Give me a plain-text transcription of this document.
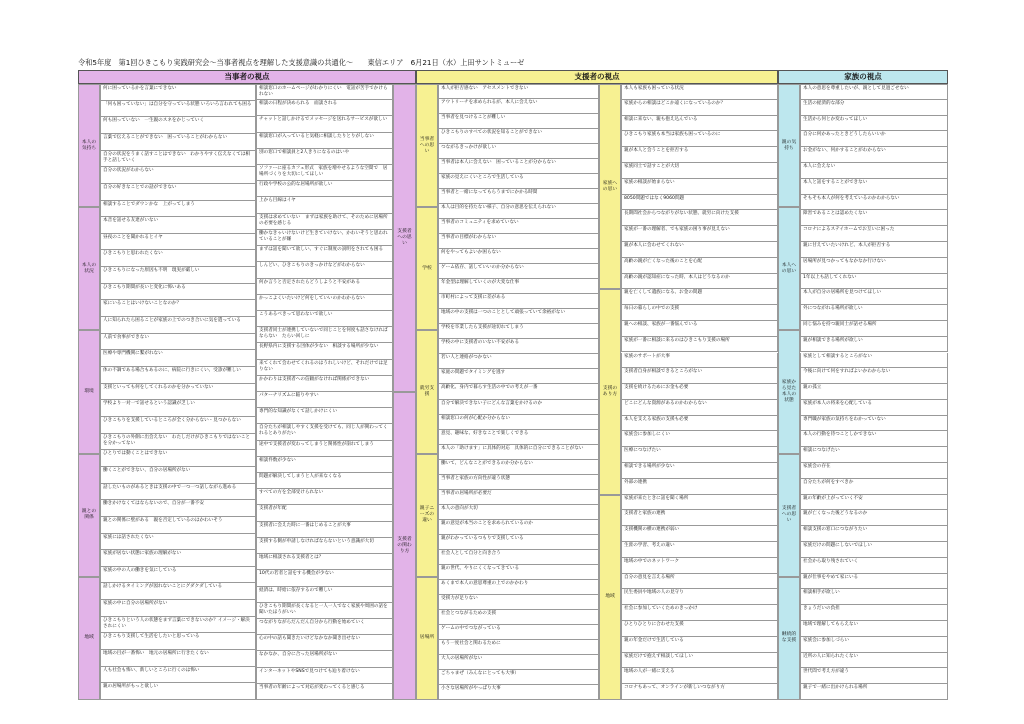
令和5年度　第1回ひきこもり実践研究会～当事者視点を理解した支援意識の共通化～　　東信エリア　6月21日（水）上田サントミューゼ
当事者の視点	支援者の視点	家族の視点
本人の気持ち
本人の状況
環境
親との関係
地域
何に困っているかを言葉にできない
「何も困っていない」は自分を守っている状態 いろいろ言われても困る
何も困っていない　一生親のスネをかじっていく
言葉で伝えることができない　困っていることがわからない
自分の状況をうまく話すことはできない　わかりやすく伝えなくては相手と話していく
自分の状況がわからない
自分の好きなことでの話ができない
相談することでダウンかな　上がってしまう
本音を話せる友達がいない
昼夜のことを聞かれるとイヤ
ひきこもりと思われたくない
ひきこもりになった原因も不明　現実が厳しい
ひきこもり期間が長いと変化に怖いある
家にいることはいけないことなのか？
人に知られたら困ることが家族の上でのつき合いに気を遣っている
人前で食事ができない
医療や専門機関に繋がれない
体の不調である場合もあるのに、病院に行きにくい、受診が難しい
支援といっても何をしてくれるのかを分かっていない
学校より一対一で話せるという認識が乏しい
ひきこもりを支援しているところが全く分からない・見つからない
ひきこもりの外側に出会えない　わたしだけがひきこもりではないことを分かってない
ひとりでは動くことはできない
働くことができない、自分の居場所がない
話したいものがあるときは支援の中で一つ一つ話しながら進める
働きかけなくてはならないので、自分が一番不安
親との関係に壁がある　親を否定しているのはかわいそう
家族には話されたくない
家族が居ない状態に家族の理解がない
家族の中の人の働きを気にしている
話しかけるタイミングが図れないことにグダクダしている
家族の中に自分の居場所がない
ひきこもりという人の状態をまず言葉にできないのか？イメージ・解決されにくい
ひきこもり支援して生活をしたいと思っている
地域の目が一番怖い　地元の居場所に行きたくない
人も社会も怖い、新しいところに行くのは怖い
親の居場所がもっと欲しい
相談窓口のホームページがわかりにくい　電話が苦手でかけられない
相談の日程が決められる　面談される
チャットと話しかけるでメッセージを送れるサービスが欲しい
相談窓口が入っていると気軽に相談したりとりがしない
別の窓口で相談員と2人きりになるのはいや
ソファーに座るカフェ形式　家族を増やせるような空間で　居場所づくりを大切にしてほしい
行政や学校の公的な居場所が欲しい
上から目線はイヤ
支援は求めていない　まずは家族を助けて、そのために居場所の必要を感じる
働かなきゃいけないけど生きていけない、かわいそうと思われていることが嫌
まずは話を聞いて欲しい、すぐに制度の説明をされても困る
しんどい、ひきこもりのきっかけなどがわからない
何か言うと否定されたらどうしようと不安がある
かっこよくいたいけど何をしていいのかわからない
こうあるべきって思わないで欲しい
支援者同士が連携していないで同じことを何度も話さなければならない　たらい回しに
長野県内に支援する団体が少ない　相談する場所が少ない
来てくれて会わせてくれるのはうれしいけど、それだけでは足りない
かかわりは支援者への信頼がなければ関係ができない
パターナリズムに陥りやすい
専門的な知識がなくて話しかけにくい
自分たちが相談しやすく支援を受けても、同じ人が関わってくれるとありがたい
途中で支援者が変わってしまうと関係性が崩れてしまう
相談件数が少ない
問題が解決してしまうと人が来なくなる
すべての方を全部受けられない
支援者が年配
支援者に会えた時に一番はじめることが大事
支援する側が申請しなければならないという意識が大切
地域に相談される支援者とは？
10代の若者と話をする機会が少ない
経済は、時給に依存するので難しい
ひきこもり期間が長くなると一人一人でなく家族や周囲の話を聞いたほうがいい
つながりながらだんだん自分から行動を始めていく
心の中の話も聞きたいけどなかなか聞き出せない
なかなか、自分に合った居場所がない
インターネットやSNSで見つけても辿り着けない
当事者の年齢によって対応が変わってくると感じる
支援者への思い
支援者の関わり方
当事者への思い
学校
就労支援
親子ニーズの違い
居場所
本人が拒否感ない　アセスメントできない
アウトリーチを求められるが、本人に会えない
当事者を見つけることが難しい
ひきこもりのすべての状況を知ることができない
つながるきっかけが欲しい
当事者は本人に会えない　困っていることが分からない
家族の見えにくいところで生活している
当事者と一緒になってもらうまでにかかる時間
本人は目的を持たない様子、自分の意思を伝えられない
当事者のコミュニティを求めていない
当事者の目標がわからない
何をやってもよいか困らない
ゲーム依存、話していいのか分からない
年金型は理解していくのが大変な仕事
市町村によって支援に差がある
地域の中の支援は一つのこととして頑張っていて余裕がない
学校を卒業したら支援が途切れてしまう
学校の中に支援者のいない不安がある
若い人と連絡がつかない
家庭の問題でタイミングを逃す
高齢化、身内で暮らす生活の中での考えが一番
自分で解決できない子にどんな言葉をかけるのか
相談窓口の何が心配か分からない
意見、趣味な、好きなことで楽しくできる
本人の「助けます」に具体的対応　具体的に自分にできることがない
働いて、どんなことができるのか分からない
当事者と家族の方向性が違う状態
当事者の居場所が必要だ
本人の意向が大切
親の意見が本当のことを求められているのか
親がわかっているつもりで支援している
社会人として自分と向き合う
親の世代、やりにくくなってきている
あくまで本人の意思尊重の上でのかかわり
受援力が足りない
社会とつながるための支援
ゲームの中でつながっている
もう一度社会と関わるために
大人の居場所がない
ごちゃまぜ（みんなにとっても大事）
小さな居場所がやっぱり大事
家族への思い
支援のあり方
地域
本人も家族も困っている状況
家族からの相談はどこか遠くになっているのか？
相談に来ない、親も抱え込んでいる
ひきこもり家族も本当は家族も困っているのに
親が本人と会うことを拒否する
家族同士で話すことが大切
家族の相談が始まらない
8050問題ではなく9060問題
長期間社会からつながりがない状態、就労に向けた支援
家族が一番の理解者、でも家族の困り事が見えない
親が本人に会わせてくれない
高齢の親が亡くなった後のことを心配
高齢の親が認知症になった時、本人はどうなるのか
親を亡くして遺族になる、お金の問題
毎日の暮らしの中での支援
親への相談、家族が一番悩んでいる
家族が一番に相談に来るのはひきこもり支援の場所
家族のサポートが大事
支援者自身が相談できるところがない
支援を続けるためにお金も必要
どこにどんな資源があるのかわからない
本人を支える家族の支援も必要
家族会に参加しにくい
医療につなげたい
相談できる場所が少ない
外部の連携
家族が来たときに話を聞く場所
支援者と家族の連携
支援機関の横の連携が弱い
生涯の学習、考えの違い
地域の中でのネットワーク
自分の意見を言える場所
民生委員や地域の人の見守り
社会に参加していくためのきっかけ
ひとりひとりに合わせた支援
親の年金だけで生活している
家族だけで抱えず相談してほしい
地域の人が一緒に支える
コロナもあって、オンラインが新しいつながり方
親の気持ち
本人への思い
家族から見た本人の状態
支援者への思い
継続的な支援
本人の意思を尊重したいが、親として見過ごせない
生活の経済的な部分
生活から何とか変わってほしい
自分に何かあったときどうしたらいいか
お金がない、何かすることがわからない
本人に会えない
本人と話をすることができない
そもそも本人が何を考えているのかわからない
障害であることは認めたくない
コロナによるステイホームでお互いに困った
親に甘えていたいけれど、本人が拒否する
居場所が見つかってもなかなか行けない
1年以上も話してくれない
本人が自分の居場所を見つけてほしい
外につながれる場所が欲しい
同じ悩みを持つ親同士が話せる場所
親が相談できる場所が欲しい
家族として相談するところがない
今後に向けて何をすればよいかわからない
親の孤立
家族が本人の将来を心配している
専門職が家族の気持ちをわかっていない
本人の行動を待つことしかできない
相談につなげたい
家族会の存在
自分たちが何をすべきか
親の年齢が上がっていく不安
親が亡くなった後どうなるのか
相談支援の窓口につながりたい
家族だけの問題にしないでほしい
社会から取り残されていく
親が仕事をやめて家にいる
相談相手が欲しい
きょうだいの負担
地域で理解してもらえない
家族会に参加しづらい
近所の人に知られたくない
世代間で考え方が違う
親子で一緒に出かけられる場所
